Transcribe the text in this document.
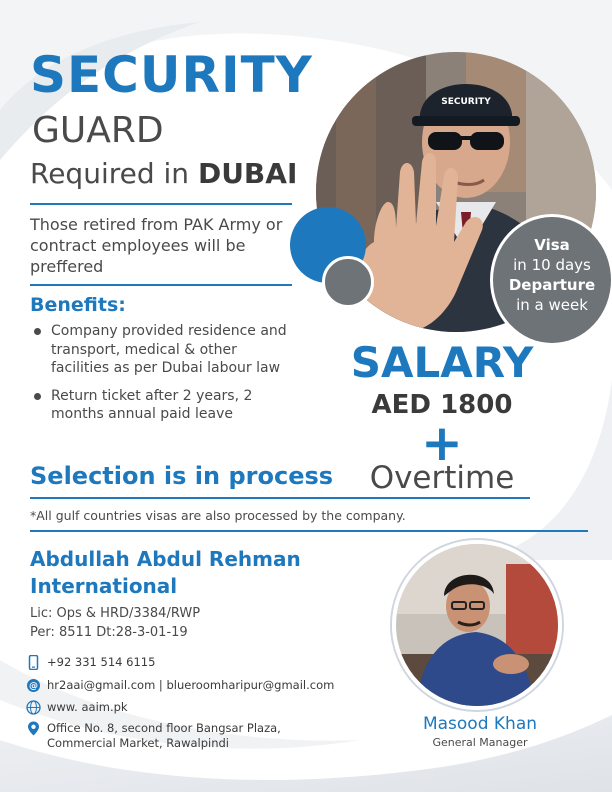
SECURITY
GUARD
Required in DUBAI
Those retired from PAK Army or contract employees will be preffered
SECURITY
Visa
in 10 days
Departure
in a week
Benefits:
Company provided residence and transport, medical & other facilities as per Dubai labour law
Return ticket after 2 years, 2 months annual paid leave
SALARY
AED 1800
+
Overtime
Selection is in process
*All gulf countries visas are also processed by the company.
Abdullah Abdul Rehman International
Lic: Ops & HRD/3384/RWP
Per: 8511 Dt:28-3-01-19
+92 331 514 6115
@ hr2aai@gmail.com | blueroomharipur@gmail.com
www. aaim.pk
Office No. 8, second floor Bangsar Plaza, Commercial Market, Rawalpindi
Masood Khan
General Manager
